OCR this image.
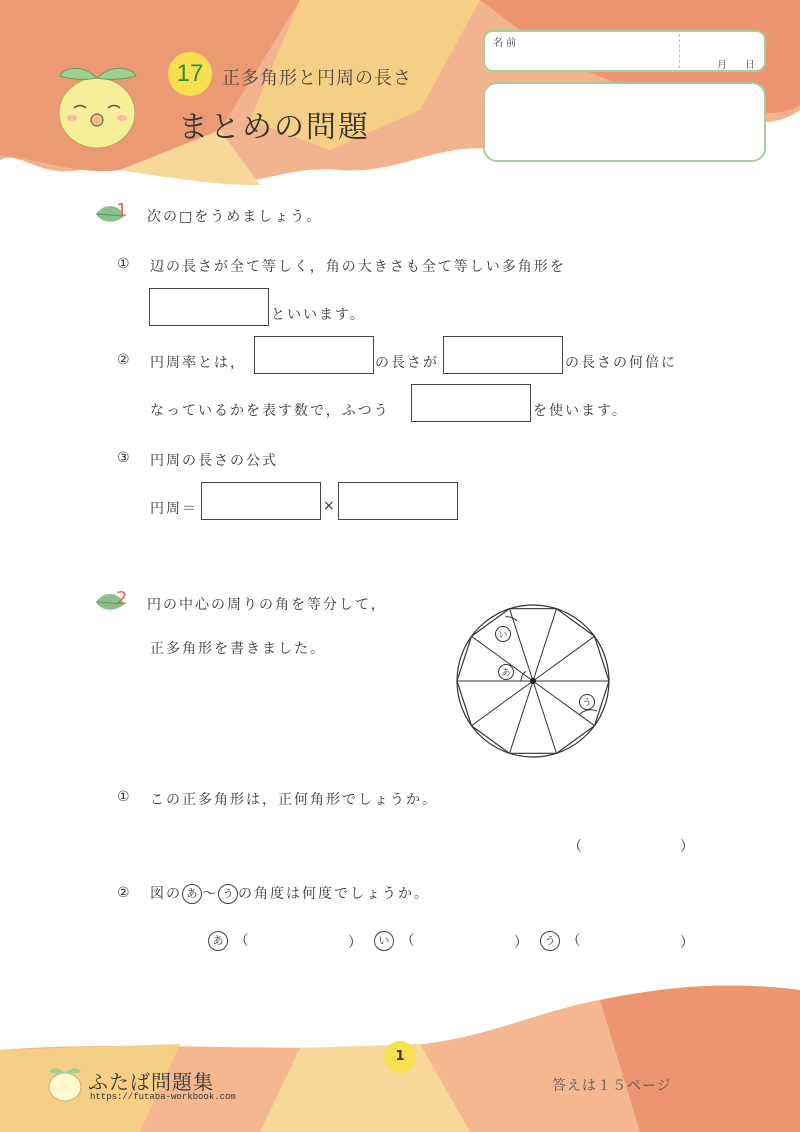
17	正多角形と円周の長さ
まとめの問題
名 前
月 日
1 次の□をうめましょう。
① 辺の長さが全て等しく，角の大きさも全て等しい多角形を
といいます。
② 円周率とは，	の長さが	の長さの何倍に
なっているかを表す数で，ふつう	を使います。
③ 円周の長さの公式
円周＝	×
2 円の中心の周りの角を等分して，
正多角形を書きました。
あ
い
う
① この正多角形は，正何角形でしょうか。
（	）
② 図の あ ～ う の角度は何度でしょうか。
あ （	）	い （	）	う （	）
1
ふたば問題集
https://futaba-workbook.com
答えは１５ページ
